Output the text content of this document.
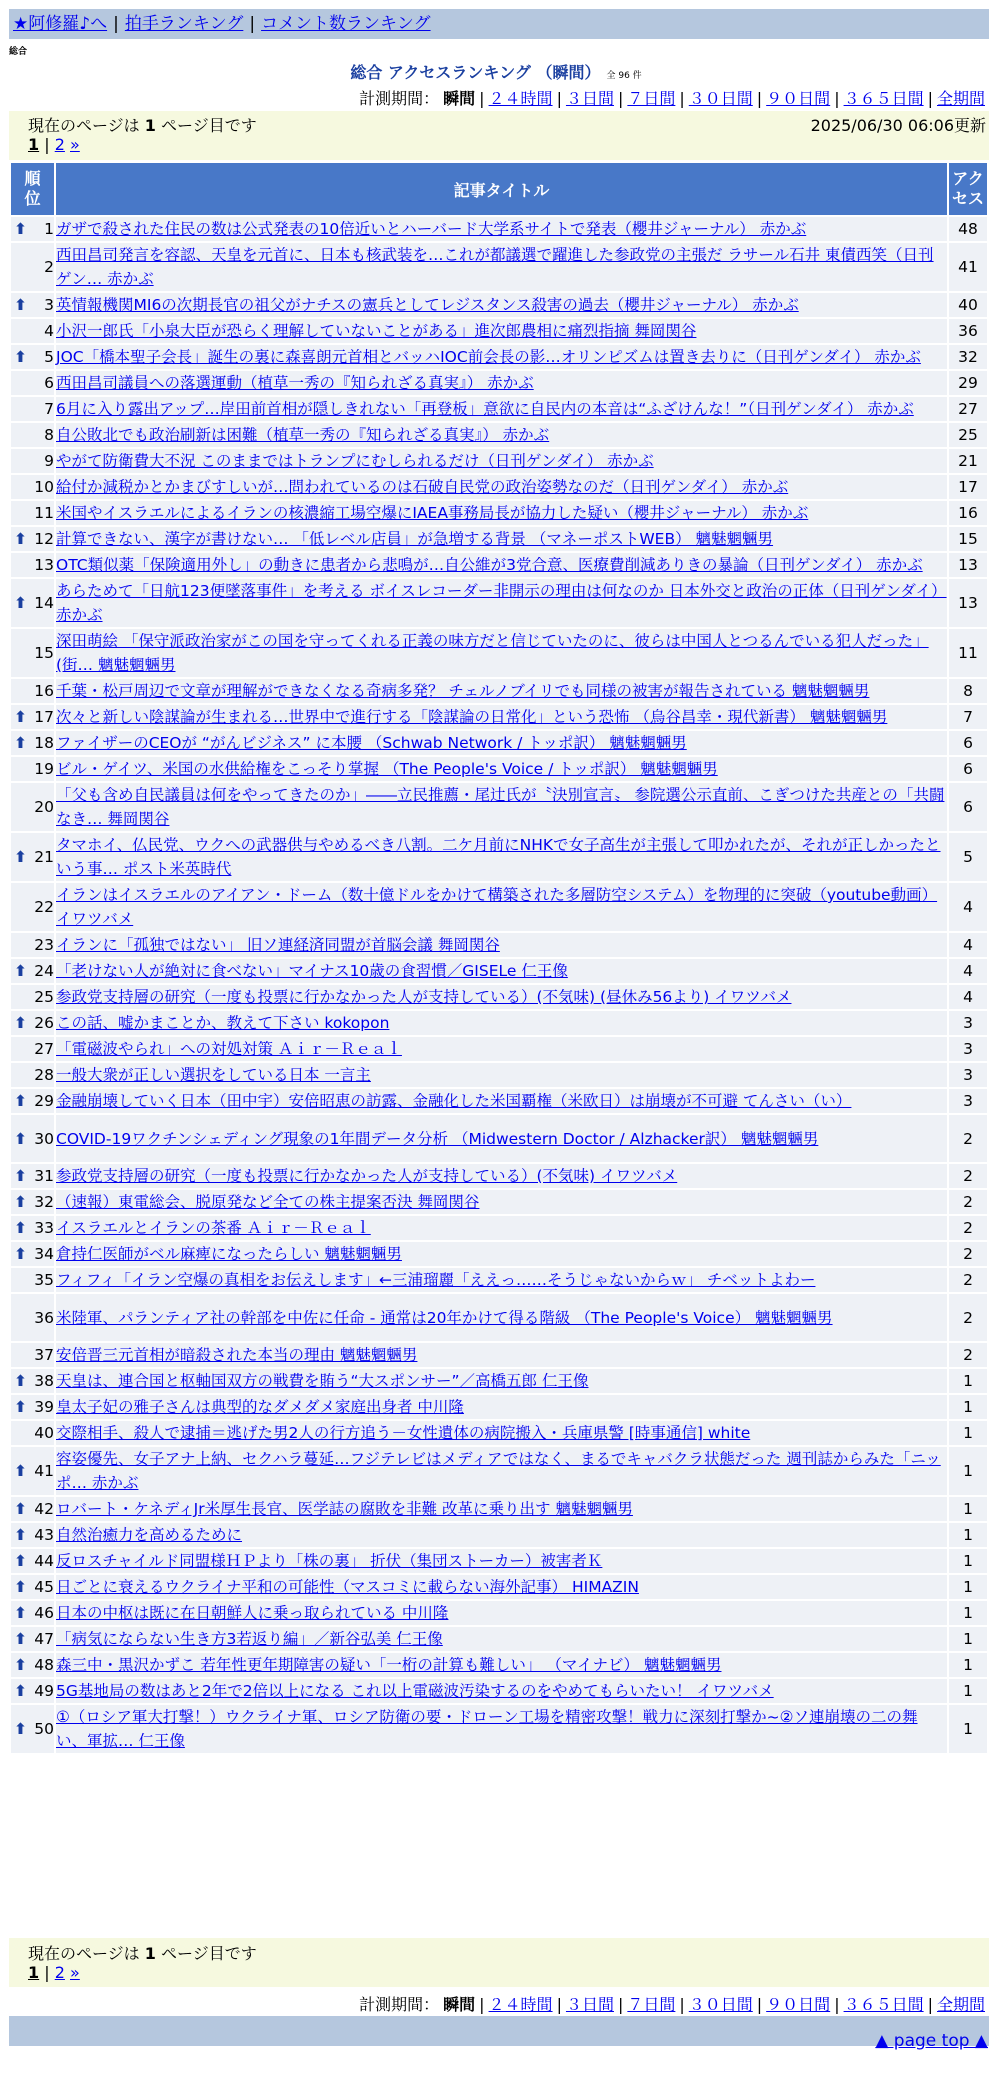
★阿修羅♪へ | 拍手ランキング | コメント数ランキング
総合
総合 アクセスランキング （瞬間） 全 96 件
計測期間： 瞬間 | ２４時間 | ３日間 | ７日間 | ３０日間 | ９０日間 | ３６５日間 | 全期間
現在のページは 1 ページ目です	2025/06/30 06:06更新
1 | 2 »
順位	記事タイトル	アクセス

⬆ 1	ガザで殺された住民の数は公式発表の10倍近いとハーバード大学系サイトで発表（櫻井ジャーナル） 赤かぶ	48
2	西田昌司発言を容認、天皇を元首に、日本も核武装を…これが都議選で躍進した参政党の主張だ ラサール石井 東債西笑（日刊ゲン… 赤かぶ	41

⬆ 3	英情報機関MI6の次期長官の祖父がナチスの憲兵としてレジスタンス殺害の過去（櫻井ジャーナル） 赤かぶ	40
4	小沢一郎氏「小泉大臣が恐らく理解していないことがある」進次郎農相に痛烈指摘 舞岡関谷	36

⬆ 5	JOC「橋本聖子会長」誕生の裏に森喜朗元首相とバッハIOC前会長の影…オリンピズムは置き去りに（日刊ゲンダイ） 赤かぶ	32
6	西田昌司議員への落選運動（植草一秀の『知られざる真実』） 赤かぶ	29
7	6月に入り露出アップ…岸田前首相が隠しきれない「再登板」意欲に自民内の本音は“ふざけんな！”（日刊ゲンダイ） 赤かぶ	27
8	自公敗北でも政治刷新は困難（植草一秀の『知られざる真実』） 赤かぶ	25
9	やがて防衛費大不況 このままではトランプにむしられるだけ（日刊ゲンダイ） 赤かぶ	21
10	給付か減税かとかまびすしいが…問われているのは石破自民党の政治姿勢なのだ（日刊ゲンダイ） 赤かぶ	17
11	米国やイスラエルによるイランの核濃縮工場空爆にIAEA事務局長が協力した疑い（櫻井ジャーナル） 赤かぶ	16

⬆ 12	計算できない、漢字が書けない… 「低レベル店員」が急増する背景 （マネーポストWEB） 魑魅魍魎男	15
13	OTC類似薬「保険適用外し」の動きに患者から悲鳴が…自公維が3党合意、医療費削減ありきの暴論（日刊ゲンダイ） 赤かぶ	13

⬆ 14	あらためて「日航123便墜落事件」を考える ボイスレコーダー非開示の理由は何なのか 日本外交と政治の正体（日刊ゲンダイ） 赤かぶ	13
15	深田萌絵 「保守派政治家がこの国を守ってくれる正義の味方だと信じていたのに、彼らは中国人とつるんでいる犯人だった」(街… 魑魅魍魎男	11
16	千葉・松戸周辺で文章が理解ができなくなる奇病多発？ チェルノブイリでも同様の被害が報告されている 魑魅魍魎男	8

⬆ 17	次々と新しい陰謀論が生まれる…世界中で進行する「陰謀論の日常化」という恐怖 （烏谷昌幸・現代新書） 魑魅魍魎男	7

⬆ 18	ファイザーのCEOが “がんビジネス” に本腰 （Schwab Network / トッポ訳） 魑魅魍魎男	6
19	ビル・ゲイツ、米国の水供給権をこっそり掌握 （The People's Voice / トッポ訳） 魑魅魍魎男	6
20	「父も含め自民議員は何をやってきたのか」――立民推薦・尾辻氏が〝決別宣言〟 参院選公示直前、こぎつけた共産との「共闘なき… 舞岡関谷	6

⬆ 21	タマホイ、仏民党、ウクへの武器供与やめるべき八割。二ケ月前にNHKで女子高生が主張して叩かれたが、それが正しかったという事… ポスト米英時代	5
22	イランはイスラエルのアイアン・ドーム（数十億ドルをかけて構築された多層防空システム）を物理的に突破（youtube動画） イワツバメ	4
23	イランに「孤独ではない」 旧ソ連経済同盟が首脳会議 舞岡関谷	4

⬆ 24	「老けない人が絶対に食べない」マイナス10歳の食習慣／GISELe 仁王像	4
25	参政党支持層の研究（一度も投票に行かなかった人が支持している）(不気味) (昼休み56より) イワツバメ	4

⬆ 26	この話、嘘かまことか、教えて下さい kokopon	3
27	「電磁波やられ」への対処対策 Ａｉｒ－Ｒｅａｌ	3
28	一般大衆が正しい選択をしている日本 一言主	3

⬆ 29	金融崩壊していく日本（田中宇）安倍昭恵の訪露、金融化した米国覇権（米欧日）は崩壊が不可避 てんさい（い）	3

⬆ 30	COVID-19ワクチンシェディング現象の1年間データ分析 （Midwestern Doctor / Alzhacker訳） 魑魅魍魎男	2

⬆ 31	参政党支持層の研究（一度も投票に行かなかった人が支持している）(不気味) イワツバメ	2

⬆ 32	（速報）東電総会、脱原発など全ての株主提案否決 舞岡関谷	2

⬆ 33	イスラエルとイランの茶番 Ａｉｒ－Ｒｅａｌ	2

⬆ 34	倉持仁医師がベル麻痺になったらしい 魑魅魍魎男	2
35	フィフィ「イラン空爆の真相をお伝えします」←三浦瑠麗「ええっ……そうじゃないからｗ」 チベットよわー	2
36	米陸軍、パランティア社の幹部を中佐に任命 - 通常は20年かけて得る階級 （The People's Voice） 魑魅魍魎男	2
37	安倍晋三元首相が暗殺された本当の理由 魑魅魍魎男	2

⬆ 38	天皇は、連合国と枢軸国双方の戦費を賄う“大スポンサー”／高橋五郎 仁王像	1

⬆ 39	皇太子妃の雅子さんは典型的なダメダメ家庭出身者 中川隆	1
40	交際相手、殺人で逮捕＝逃げた男2人の行方追う－女性遺体の病院搬入・兵庫県警 [時事通信] white	1

⬆ 41	容姿優先、女子アナ上納、セクハラ蔓延…フジテレビはメディアではなく、まるでキャバクラ状態だった 週刊誌からみた「ニッポ… 赤かぶ	1

⬆ 42	ロバート・ケネディJr米厚生長官、医学誌の腐敗を非難 改革に乗り出す 魑魅魍魎男	1

⬆ 43	自然治癒力を高めるために	1

⬆ 44	反ロスチャイルド同盟様ＨＰより「株の裏」 折伏（集団ストーカー）被害者Ｋ	1

⬆ 45	日ごとに衰えるウクライナ平和の可能性（マスコミに載らない海外記事） HIMAZIN	1

⬆ 46	日本の中枢は既に在日朝鮮人に乗っ取られている 中川隆	1

⬆ 47	「病気にならない生き方3若返り編」／新谷弘美 仁王像	1

⬆ 48	森三中・黒沢かずこ 若年性更年期障害の疑い「一桁の計算も難しい」 （マイナビ） 魑魅魍魎男	1

⬆ 49	5G基地局の数はあと2年で2倍以上になる これ以上電磁波汚染するのをやめてもらいたい！ イワツバメ	1

⬆ 50	①（ロシア軍大打撃！）ウクライナ軍、ロシア防衛の要・ドローン工場を精密攻撃！戦力に深刻打撃か~②ソ連崩壊の二の舞い、軍拡… 仁王像	1
現在のページは 1 ページ目です
1 | 2 »
計測期間： 瞬間 | ２４時間 | ３日間 | ７日間 | ３０日間 | ９０日間 | ３６５日間 | 全期間
▲ page top ▲
